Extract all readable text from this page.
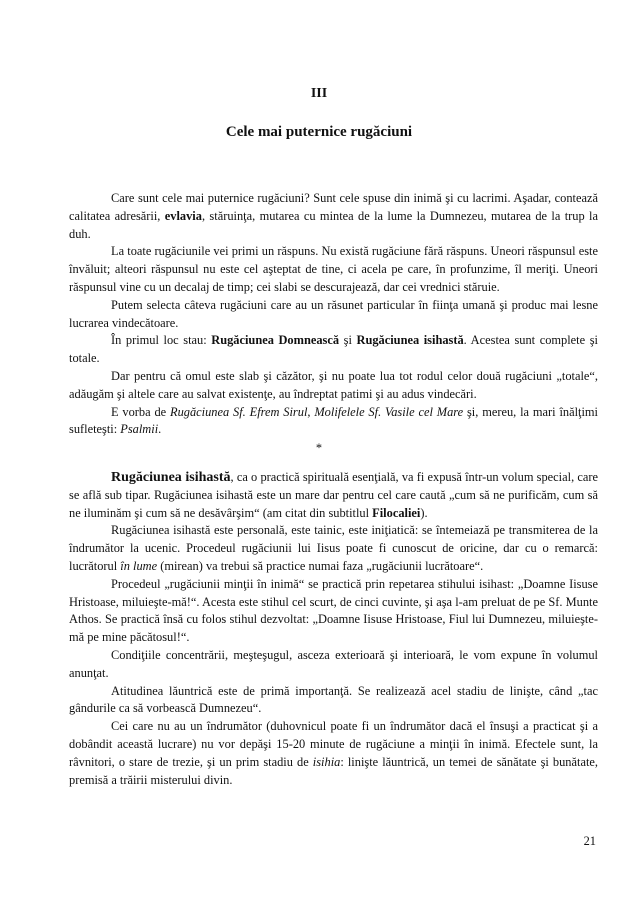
III
Cele mai puternice rugăciuni

Care sunt cele mai puternice rugăciuni? Sunt cele spuse din inimă şi cu lacrimi. Aşadar, contează calitatea adresării, evlavia, stăruinţa, mutarea cu mintea de la lume la Dumnezeu, mutarea de la trup la duh.

La toate rugăciunile vei primi un răspuns. Nu există rugăciune fără răspuns. Uneori răspunsul este învăluit; alteori răspunsul nu este cel aşteptat de tine, ci acela pe care, în profunzime, îl meriţi. Uneori răspunsul vine cu un decalaj de timp; cei slabi se descurajează, dar cei vrednici stăruie.

Putem selecta câteva rugăciuni care au un răsunet particular în fiinţa umană şi produc mai lesne lucrarea vindecătoare.

În primul loc stau: Rugăciunea Domnească şi Rugăciunea isihastă. Acestea sunt complete şi totale.

Dar pentru că omul este slab şi căzător, şi nu poate lua tot rodul celor două rugăciuni „totale“, adăugăm şi altele care au salvat existenţe, au îndreptat patimi şi au adus vindecări.

E vorba de Rugăciunea Sf. Efrem Sirul, Molifelele Sf. Vasile cel Mare şi, mereu, la mari înălţimi sufleteşti: Psalmii.

*

Rugăciunea isihastă, ca o practică spirituală esenţială, va fi expusă într-un volum special, care se află sub tipar. Rugăciunea isihastă este un mare dar pentru cel care caută „cum să ne purificăm, cum să ne iluminăm şi cum să ne desăvârşim“ (am citat din subtitlul Filocaliei).

Rugăciunea isihastă este personală, este tainic, este iniţiatică: se întemeiază pe transmiterea de la îndrumător la ucenic. Procedeul rugăciunii lui Iisus poate fi cunoscut de oricine, dar cu o remarcă: lucrătorul în lume (mirean) va trebui să practice numai faza „rugăciunii lucrătoare“.

Procedeul „rugăciunii minţii în inimă“ se practică prin repetarea stihului isihast: „Doamne Iisuse Hristoase, miluieşte-mă!“. Acesta este stihul cel scurt, de cinci cuvinte, şi aşa l-am preluat de pe Sf. Munte Athos. Se practică însă cu folos stihul dezvoltat: „Doamne Iisuse Hristoase, Fiul lui Dumnezeu, miluieşte-mă pe mine păcătosul!“.

Condiţiile concentrării, meşteşugul, asceza exterioară şi interioară, le vom expune în volumul anunţat.

Atitudinea lăuntrică este de primă importanţă. Se realizează acel stadiu de linişte, când „tac gândurile ca să vorbească Dumnezeu“.

Cei care nu au un îndrumător (duhovnicul poate fi un îndrumător dacă el însuşi a practicat şi a dobândit această lucrare) nu vor depăşi 15-20 minute de rugăciune a minţii în inimă. Efectele sunt, la râvnitori, o stare de trezie, şi un prim stadiu de isihia: linişte lăuntrică, un temei de sănătate şi bunătate, premisă a trăirii misterului divin.

21
